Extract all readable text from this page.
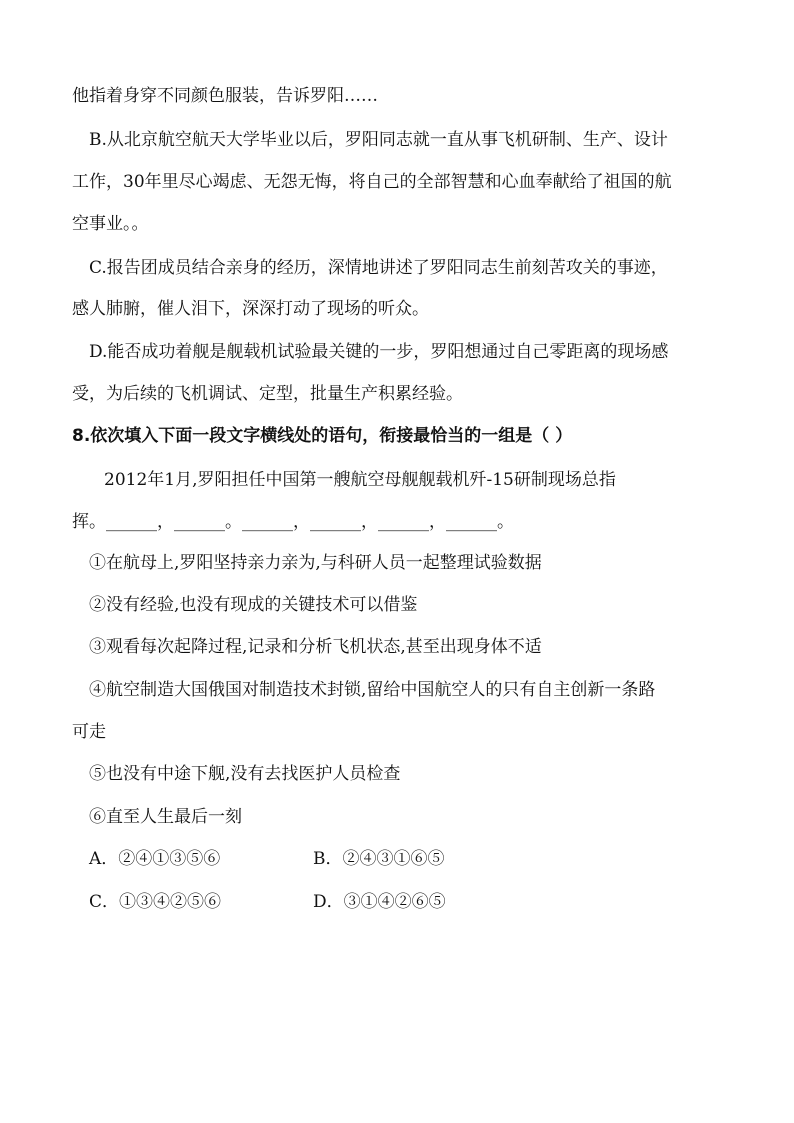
他指着身穿不同颜色服装，告诉罗阳……
B.从北京航空航天大学毕业以后，罗阳同志就一直从事飞机研制、生产、设计
工作，30年里尽心竭虑、无怨无悔，将自己的全部智慧和心血奉献给了祖国的航
空事业。。
C.报告团成员结合亲身的经历，深情地讲述了罗阳同志生前刻苦攻关的事迹，
感人肺腑，催人泪下，深深打动了现场的听众。
D.能否成功着舰是舰载机试验最关键的一步，罗阳想通过自己零距离的现场感
受，为后续的飞机调试、定型，批量生产积累经验。
8.依次填入下面一段文字横线处的语句，衔接最恰当的一组是（ ）
2012年1月,罗阳担任中国第一艘航空母舰舰载机歼-15研制现场总指
挥。______，______。______，______，______，______。
①在航母上,罗阳坚持亲力亲为,与科研人员一起整理试验数据
②没有经验,也没有现成的关键技术可以借鉴
③观看每次起降过程,记录和分析飞机状态,甚至出现身体不适
④航空制造大国俄国对制造技术封锁,留给中国航空人的只有自主创新一条路
可走
⑤也没有中途下舰,没有去找医护人员检查
⑥直至人生最后一刻
A．②④①③⑤⑥	B．②④③①⑥⑤
C．①③④②⑤⑥	D．③①④②⑥⑤
